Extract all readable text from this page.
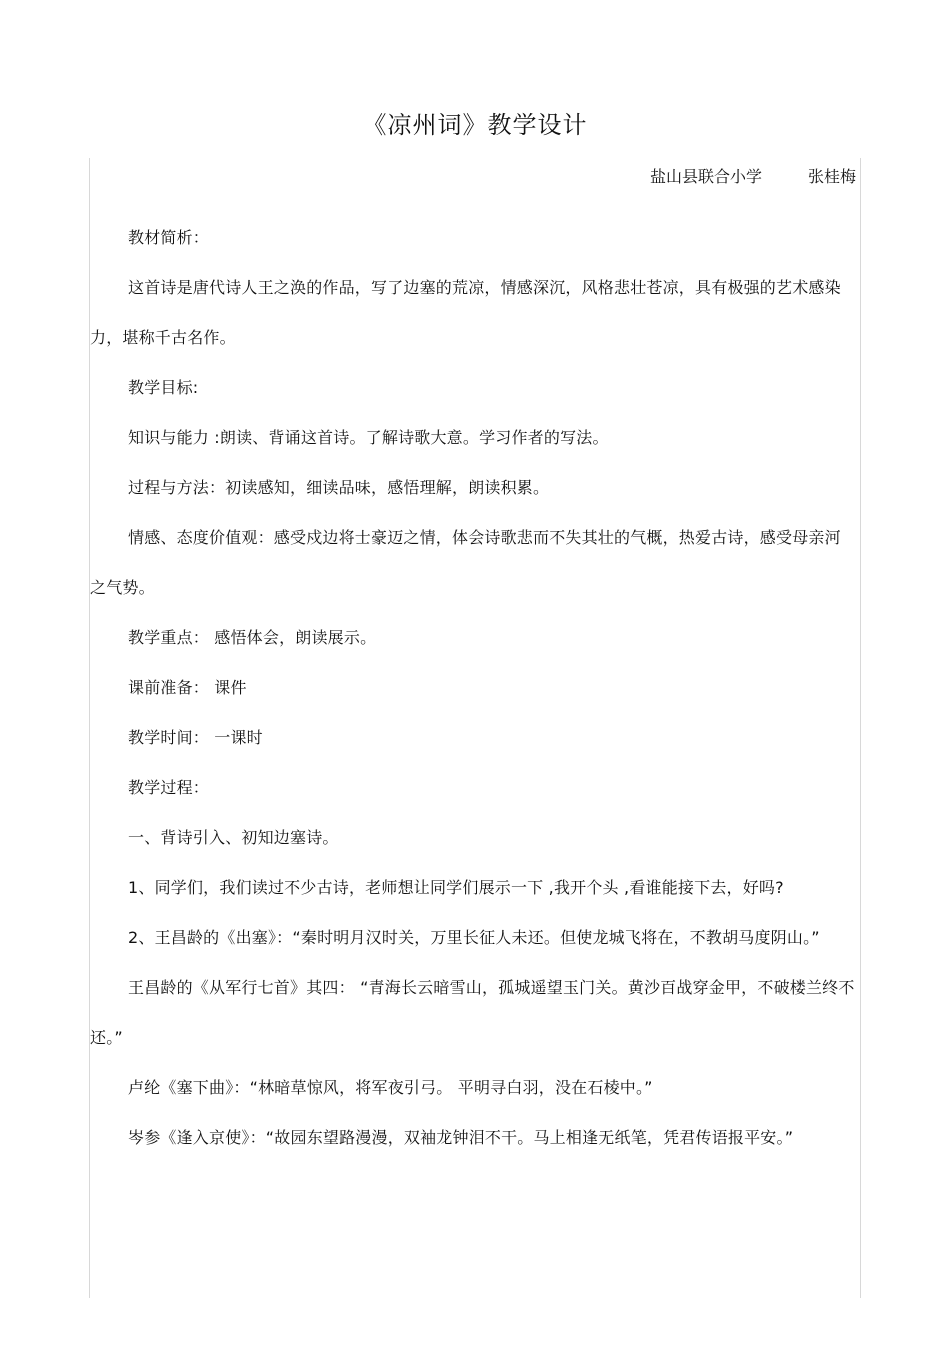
《凉州词》教学设计
盐山县联合小学	张桂梅

教材简析：

这首诗是唐代诗人王之涣的作品，写了边塞的荒凉，情感深沉，风格悲壮苍凉，具有极强的艺术感染力，堪称千古名作。

教学目标:

知识与能力 :朗读、背诵这首诗。了解诗歌大意。学习作者的写法。

过程与方法：初读感知，细读品味，感悟理解，朗读积累。

情感、态度价值观：感受戍边将士豪迈之情，体会诗歌悲而不失其壮的气概，热爱古诗，感受母亲河之气势。

教学重点： 感悟体会，朗读展示。

课前准备： 课件

教学时间： 一课时

教学过程：

一、背诗引入、初知边塞诗。

1、同学们，我们读过不少古诗，老师想让同学们展示一下 ,我开个头 ,看谁能接下去，好吗?

2、王昌龄的《出塞》：“秦时明月汉时关，万里长征人未还。但使龙城飞将在，不教胡马度阴山。”

王昌龄的《从军行七首》其四： “青海长云暗雪山，孤城遥望玉门关。黄沙百战穿金甲，不破楼兰终不还。”

卢纶《塞下曲》：“林暗草惊风，将军夜引弓。 平明寻白羽，没在石棱中。”

岑参《逢入京使》：“故园东望路漫漫，双袖龙钟泪不干。马上相逢无纸笔，凭君传语报平安。”
